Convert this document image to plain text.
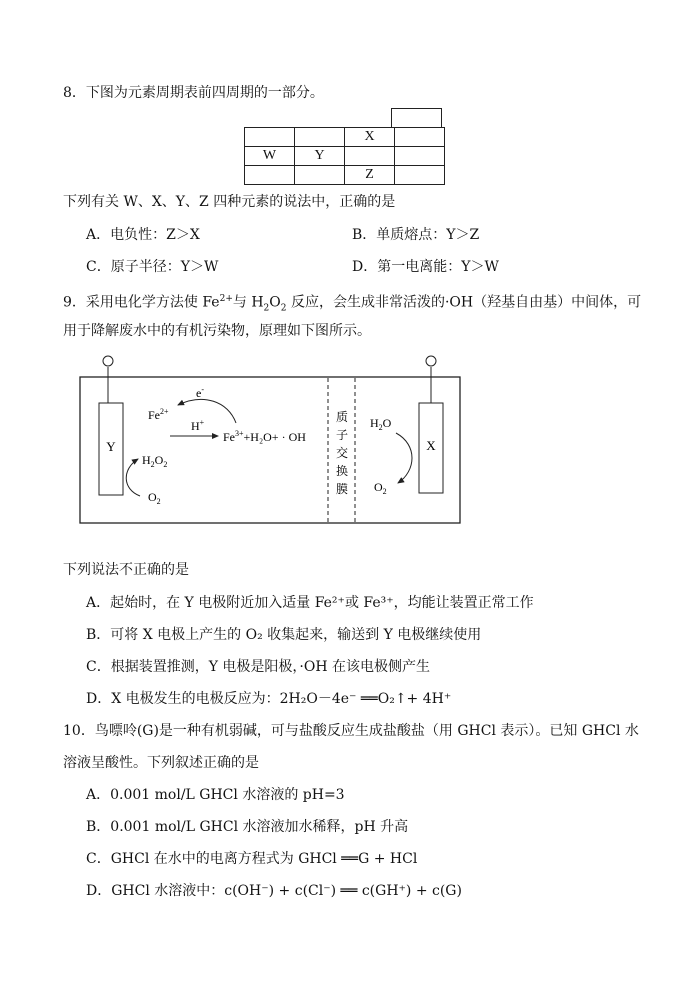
8．下图为元素周期表前四周期的一部分。
		X	
W	Y		
		Z	
下列有关 W、X、Y、Z 四种元素的说法中，正确的是
A．电负性：Z＞X	B．单质熔点：Y＞Z
C．原子半径：Y＞W	D．第一电离能：Y＞W
9．采用电化学方法使 $Fe^{2+}$与 $H_2O_2$ 反应，会生成非常活泼的·OH（羟基自由基）中间体，可
用于降解废水中的有机污染物，原理如下图所示。
Y	X
质
子
交
换
膜
e-
$Fe^{2+}$
H+
$Fe^{3+}+H_2O+$ · OH
$H_2O_2$
$O_2$
$H_2O$
$O_2$
下列说法不正确的是
A．起始时，在 Y 电极附近加入适量 Fe²⁺或 Fe³⁺，均能让装置正常工作
B．可将 X 电极上产生的 O₂ 收集起来，输送到 Y 电极继续使用
C．根据装置推测，Y 电极是阳极，·OH 在该电极侧产生
D．X 电极发生的电极反应为：2H₂O－4e⁻ ══O₂↑+ 4H⁺
10．鸟嘌呤(G)是一种有机弱碱，可与盐酸反应生成盐酸盐（用 GHCl 表示）。已知 GHCl 水
溶液呈酸性。下列叙述正确的是
A．0.001 mol/L GHCl 水溶液的 pH=3
B．0.001 mol/L GHCl 水溶液加水稀释，pH 升高
C．GHCl 在水中的电离方程式为 GHCl ══G + HCl
D．GHCl 水溶液中：c(OH⁻) + c(Cl⁻) ══ c(GH⁺) + c(G)
